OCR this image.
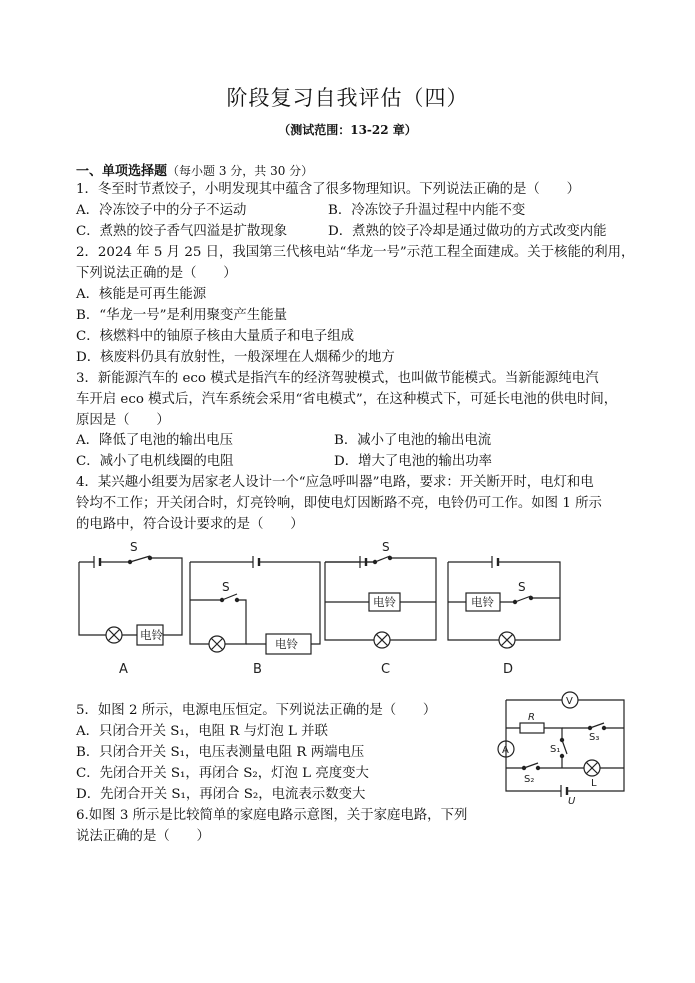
阶段复习自我评估（四）
（测试范围：13-22 章）
一、单项选择题（每小题 3 分，共 30 分）
1．冬至时节煮饺子，小明发现其中蕴含了很多物理知识。下列说法正确的是（　　）
A．冷冻饺子中的分子不运动	B．冷冻饺子升温过程中内能不变
C．煮熟的饺子香气四溢是扩散现象	D．煮熟的饺子冷却是通过做功的方式改变内能
2．2024 年 5 月 25 日，我国第三代核电站“华龙一号”示范工程全面建成。关于核能的利用，
下列说法正确的是（　　）
A．核能是可再生能源
B．“华龙一号”是利用聚变产生能量
C．核燃料中的铀原子核由大量质子和电子组成
D．核废料仍具有放射性，一般深埋在人烟稀少的地方
3．新能源汽车的 eco 模式是指汽车的经济驾驶模式，也叫做节能模式。当新能源纯电汽
车开启 eco 模式后，汽车系统会采用“省电模式”，在这种模式下，可延长电池的供电时间，
原因是（　　）
A．降低了电池的输出电压	B．减小了电池的输出电流
C．减小了电机线圈的电阻	D．增大了电池的输出功率
4．某兴趣小组要为居家老人设计一个“应急呼叫器”电路，要求：开关断开时，电灯和电
铃均不工作；开关闭合时，灯亮铃响，即使电灯因断路不亮，电铃仍可工作。如图 1 所示
的电路中，符合设计要求的是（　　）
S
S
S
S
电铃
电铃
电铃	电铃
A	B	C	D
5．如图 2 所示，电源电压恒定。下列说法正确的是（　　）
A．只闭合开关 S₁，电阻 R 与灯泡 L 并联
B．只闭合开关 S₁，电压表测量电阻 R 两端电压
C．先闭合开关 S₁，再闭合 S₂，灯泡 L 亮度变大
D．先闭合开关 S₁，再闭合 S₂，电流表示数变大
V
A
R
S₃
S₁
S₂	L
U
6.如图 3 所示是比较简单的家庭电路示意图，关于家庭电路，下列
说法正确的是（　　）
